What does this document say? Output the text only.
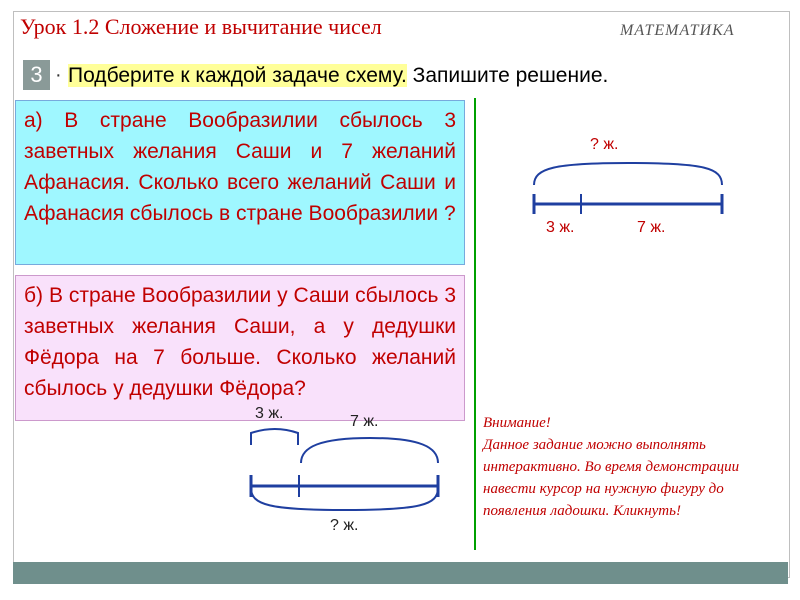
Урок 1.2 Сложение и вычитание чисел	МАТЕМАТИКА
3 · Подберите к каждой задаче схему. Запишите решение.
а) В стране Вообразилии сбылось 3 заветных желания Саши и 7 желаний Афанасия. Сколько всего желаний Саши и Афанасия сбылось в стране Вообразилии ?
б) В стране Вообразилии у Саши сбылось 3 заветных желания Саши, а у дедушки Фёдора на 7 больше. Сколько желаний сбылось у дедушки Фёдора?
? ж.
3 ж.	7 ж.
3 ж.	7 ж.
? ж.
Внимание!
Данное задание можно выполнять интерактивно. Во время демонстрации навести курсор на нужную фигуру до появления ладошки. Кликнуть!
